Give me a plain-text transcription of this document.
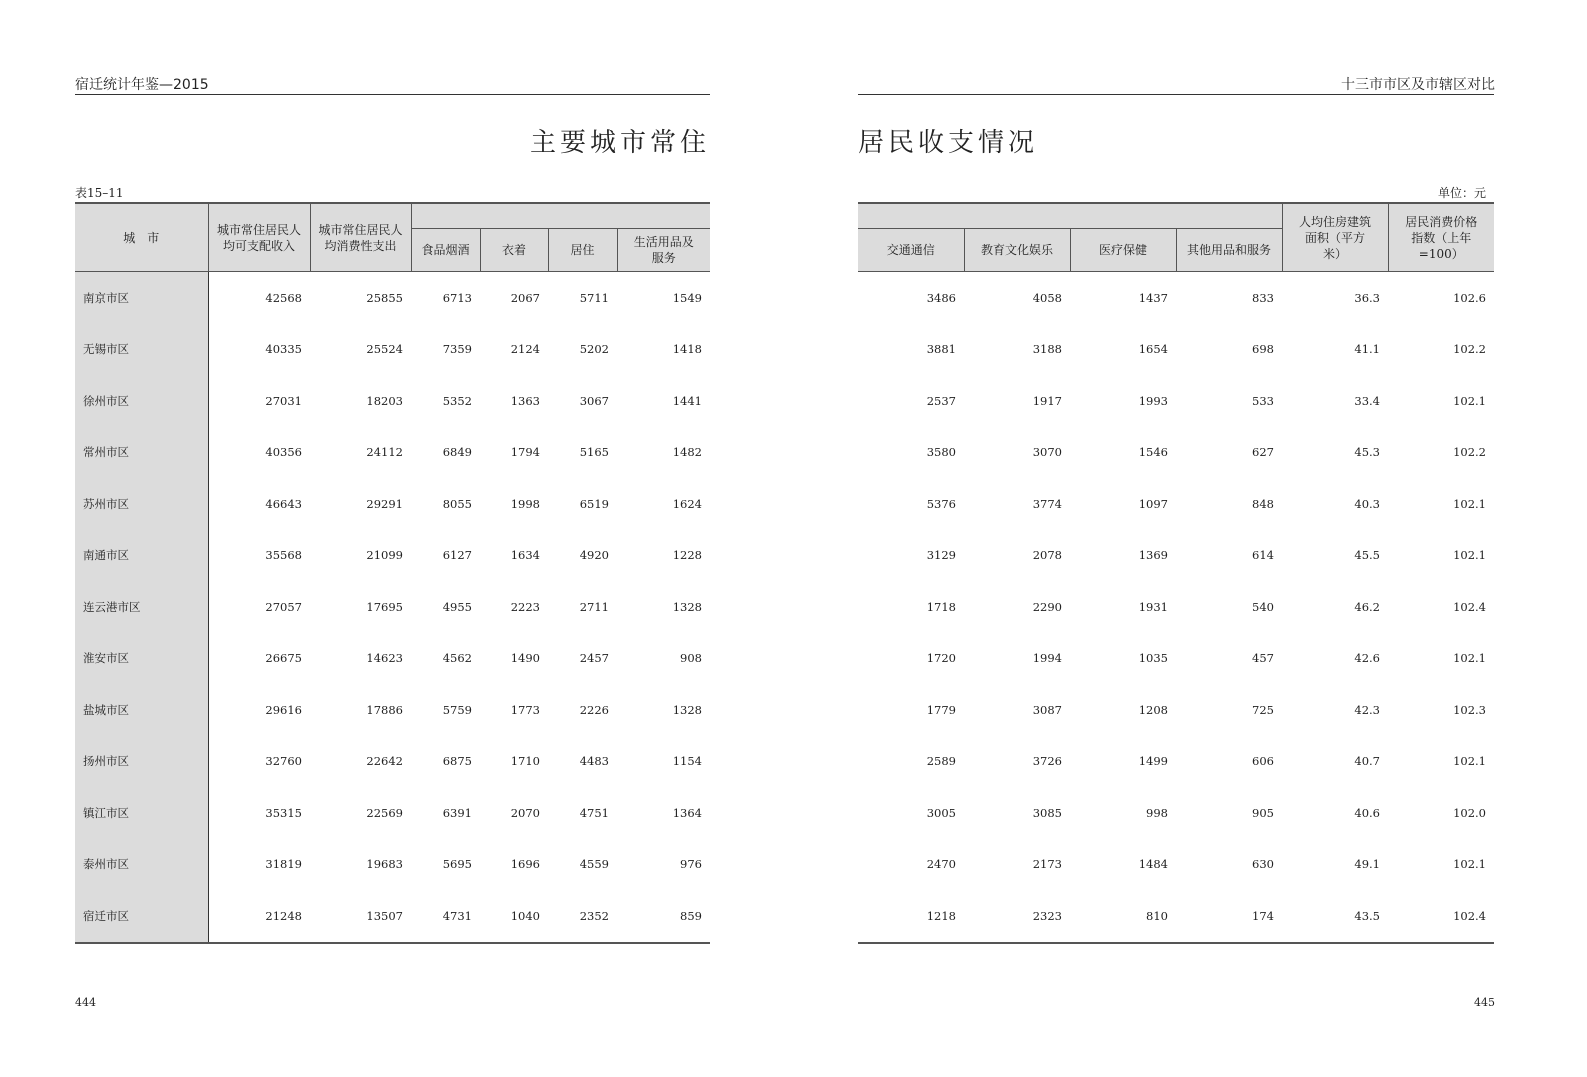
宿迁统计年鉴—2015
主要城市常住
表15–11
城　市	城市常住居民人均可支配收入	城市常住居民人均消费性支出				
			食品烟酒	衣着	居住	生活用品及服务
南京市区	42568	25855	6713	2067	5711	1549
无锡市区	40335	25524	7359	2124	5202	1418
徐州市区	27031	18203	5352	1363	3067	1441
常州市区	40356	24112	6849	1794	5165	1482
苏州市区	46643	29291	8055	1998	6519	1624
南通市区	35568	21099	6127	1634	4920	1228
连云港市区	27057	17695	4955	2223	2711	1328
淮安市区	26675	14623	4562	1490	2457	908
盐城市区	29616	17886	5759	1773	2226	1328
扬州市区	32760	22642	6875	1710	4483	1154
镇江市区	35315	22569	6391	2070	4751	1364
泰州市区	31819	19683	5695	1696	4559	976
宿迁市区	21248	13507	4731	1040	2352	859
444
十三市市区及市辖区对比
居民收支情况
单位：元
				人均住房建筑面积（平方米）	居民消费价格指数（上年=100）
交通通信	教育文化娱乐	医疗保健	其他用品和服务		
3486	4058	1437	833	36.3	102.6
3881	3188	1654	698	41.1	102.2
2537	1917	1993	533	33.4	102.1
3580	3070	1546	627	45.3	102.2
5376	3774	1097	848	40.3	102.1
3129	2078	1369	614	45.5	102.1
1718	2290	1931	540	46.2	102.4
1720	1994	1035	457	42.6	102.1
1779	3087	1208	725	42.3	102.3
2589	3726	1499	606	40.7	102.1
3005	3085	998	905	40.6	102.0
2470	2173	1484	630	49.1	102.1
1218	2323	810	174	43.5	102.4
445
